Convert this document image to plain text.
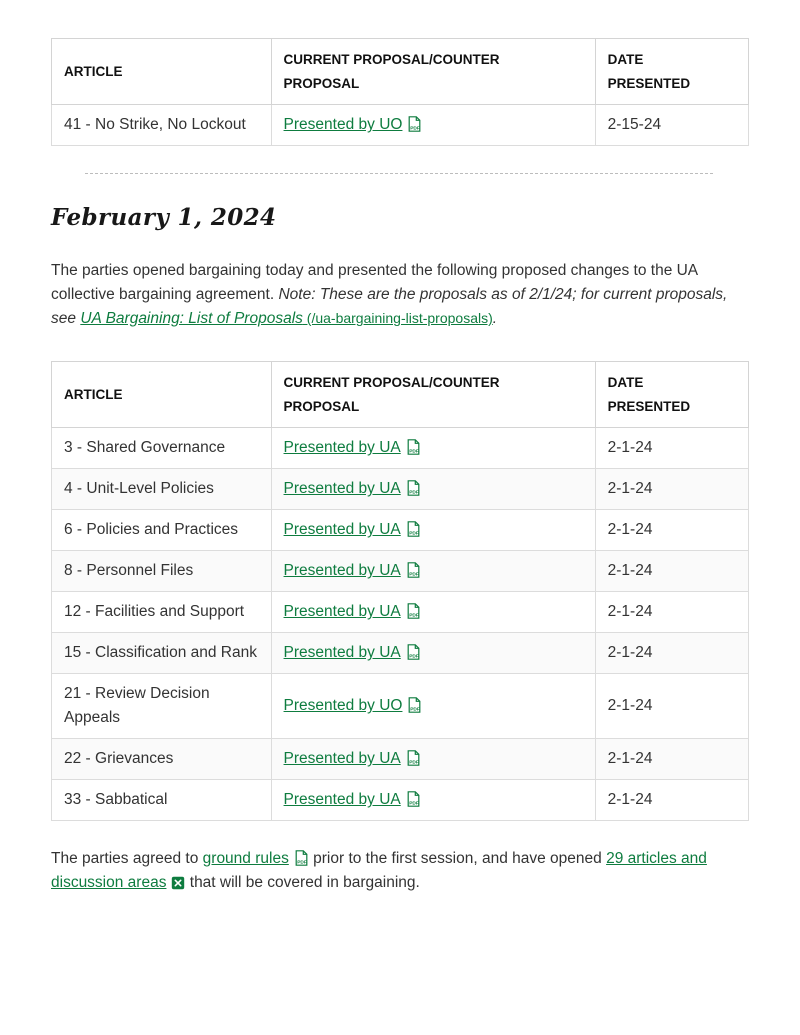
ARTICLE	CURRENT PROPOSAL/COUNTER PROPOSAL	DATE PRESENTED
41 - No Strike, No Lockout	Presented by UO PDF	2-15-24
February 1, 2024

The parties opened bargaining today and presented the following proposed changes to the UA collective bargaining agreement. Note: These are the proposals as of 2/1/24; for current proposals, see UA Bargaining: List of Proposals (/ua-bargaining-list-proposals).

ARTICLE	CURRENT PROPOSAL/COUNTER PROPOSAL	DATE PRESENTED
3 - Shared Governance	Presented by UA PDF	2-1-24
4 - Unit-Level Policies	Presented by UA PDF	2-1-24
6 - Policies and Practices	Presented by UA PDF	2-1-24
8 - Personnel Files	Presented by UA PDF	2-1-24
12 - Facilities and Support	Presented by UA PDF	2-1-24
15 - Classification and Rank	Presented by UA PDF	2-1-24
21 - Review Decision Appeals	Presented by UO PDF	2-1-24
22 - Grievances	Presented by UA PDF	2-1-24
33 - Sabbatical	Presented by UA PDF	2-1-24

The parties agreed to ground rules PDF prior to the first session, and have opened 29 articles and discussion areas that will be covered in bargaining.
